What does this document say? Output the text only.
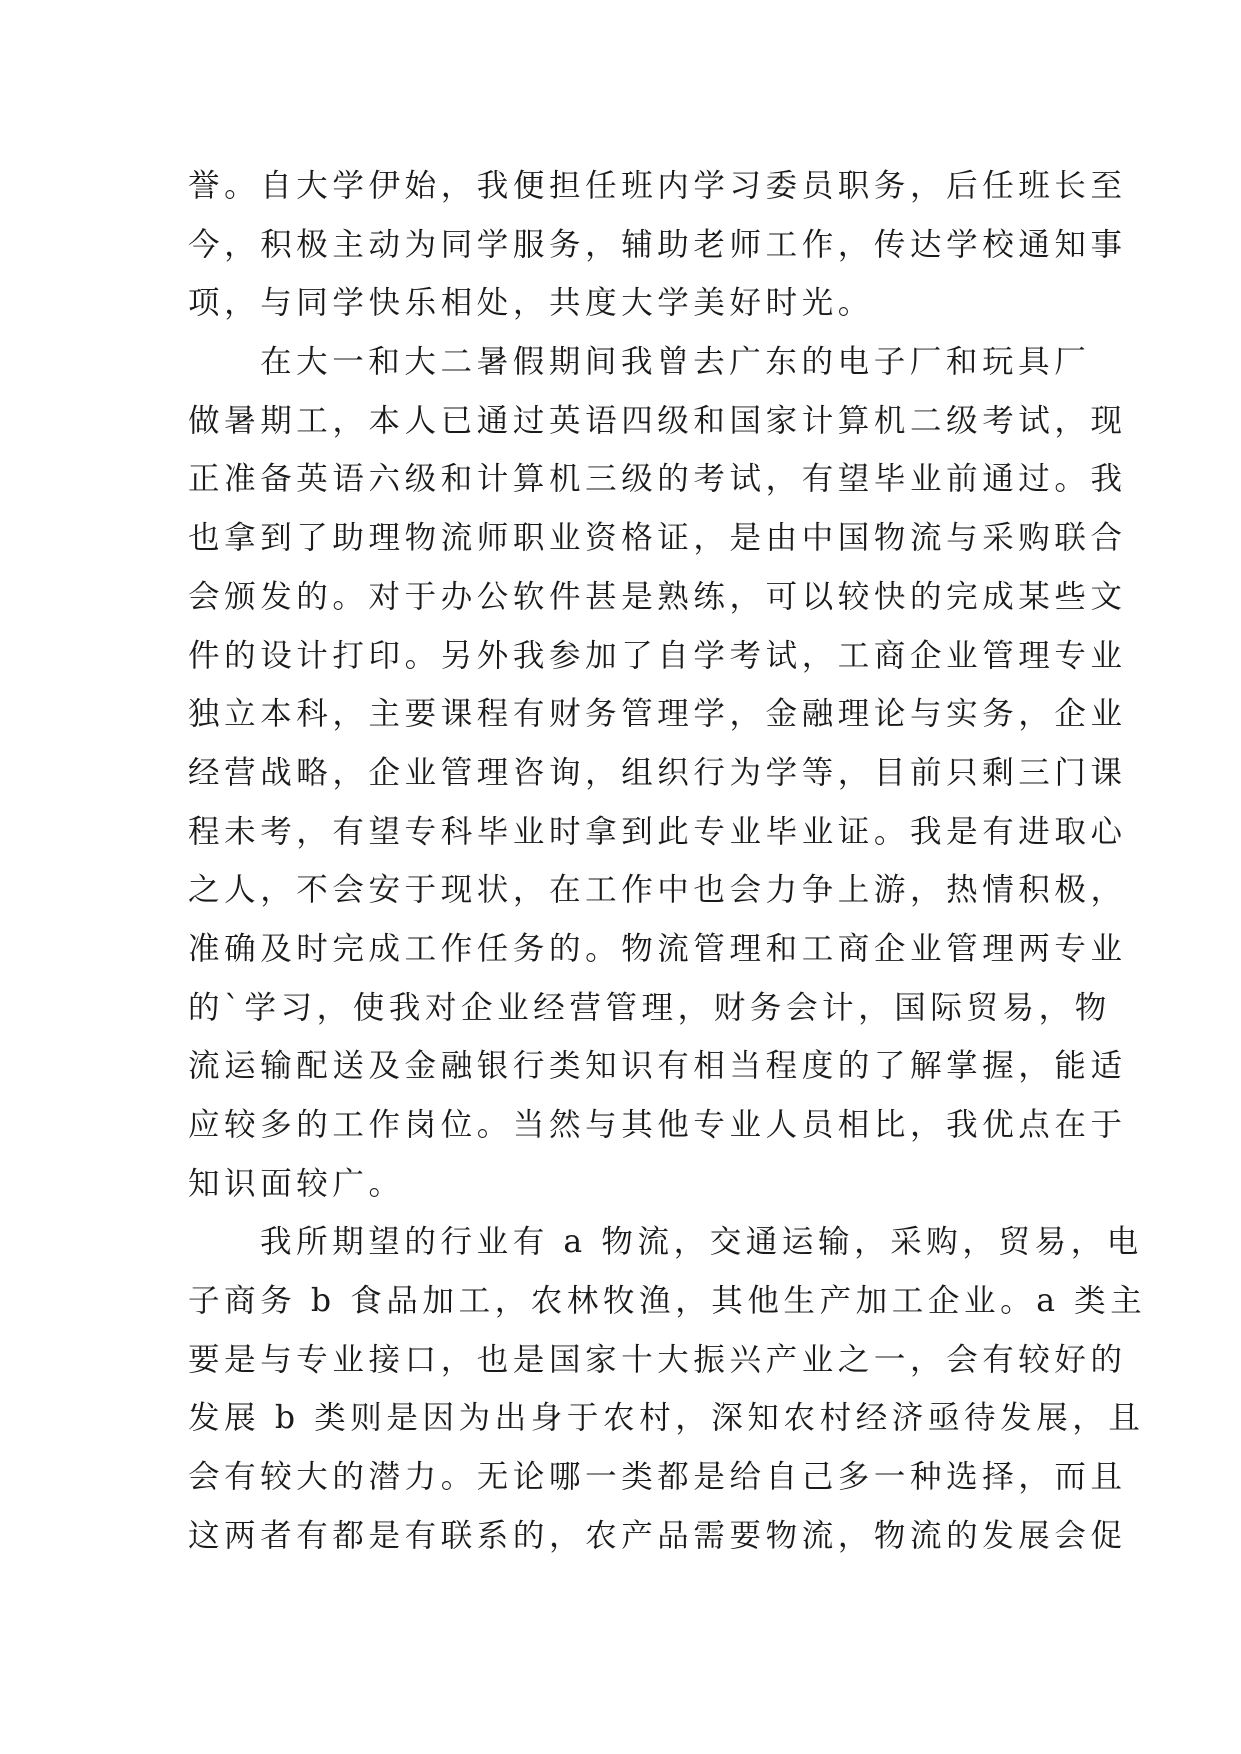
誉。自大学伊始，我便担任班内学习委员职务，后任班长至
今，积极主动为同学服务，辅助老师工作，传达学校通知事
项，与同学快乐相处，共度大学美好时光。
在大一和大二暑假期间我曾去广东的电子厂和玩具厂
做暑期工，本人已通过英语四级和国家计算机二级考试，现
正准备英语六级和计算机三级的考试，有望毕业前通过。我
也拿到了助理物流师职业资格证，是由中国物流与采购联合
会颁发的。对于办公软件甚是熟练，可以较快的完成某些文
件的设计打印。另外我参加了自学考试，工商企业管理专业
独立本科，主要课程有财务管理学，金融理论与实务，企业
经营战略，企业管理咨询，组织行为学等，目前只剩三门课
程未考，有望专科毕业时拿到此专业毕业证。我是有进取心
之人，不会安于现状，在工作中也会力争上游，热情积极，
准确及时完成工作任务的。物流管理和工商企业管理两专业
的`学习，使我对企业经营管理，财务会计，国际贸易，物
流运输配送及金融银行类知识有相当程度的了解掌握，能适
应较多的工作岗位。当然与其他专业人员相比，我优点在于
知识面较广。
我所期望的行业有 a 物流，交通运输，采购，贸易，电
子商务 b 食品加工，农林牧渔，其他生产加工企业。a 类主
要是与专业接口，也是国家十大振兴产业之一，会有较好的
发展 b 类则是因为出身于农村，深知农村经济亟待发展，且
会有较大的潜力。无论哪一类都是给自己多一种选择，而且
这两者有都是有联系的，农产品需要物流，物流的发展会促
